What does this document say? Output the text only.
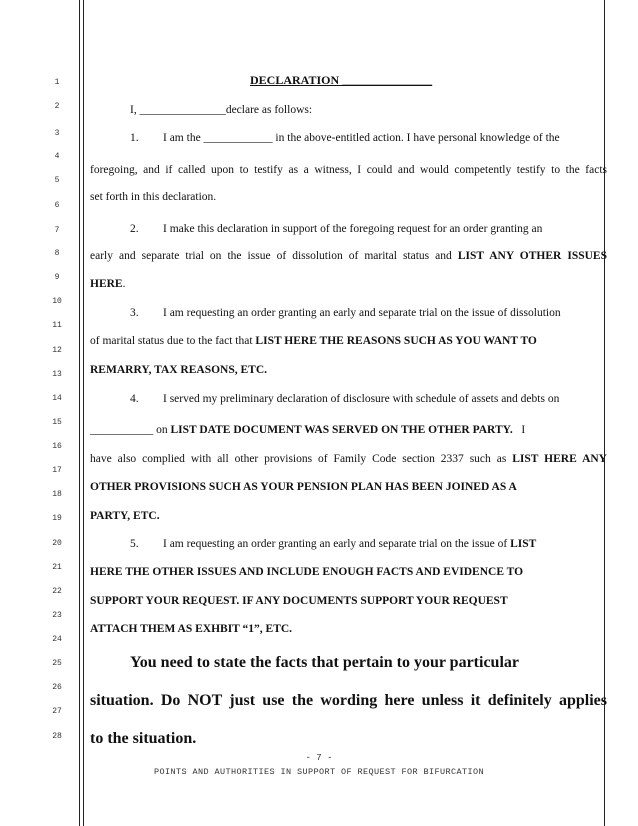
1
2
3
4
5
6
7
8
9
10
11
12
13
14
15
16
17
18
19
20
21
22
23
24
25
26
27
28
DECLARATION _______________
I, _______________declare as follows:
1. I am the ____________ in the above-entitled action. I have personal knowledge of the
foregoing, and if called upon to testify as a witness, I could and would competently testify to the facts
set forth in this declaration.
2. I make this declaration in support of the foregoing request for an order granting an
early and separate trial on the issue of dissolution of marital status and LIST ANY OTHER ISSUES
HERE.
3. I am requesting an order granting an early and separate trial on the issue of dissolution
of marital status due to the fact that LIST HERE THE REASONS SUCH AS YOU WANT TO
REMARRY, TAX REASONS, ETC.
4. I served my preliminary declaration of disclosure with schedule of assets and debts on
___________ on LIST DATE DOCUMENT WAS SERVED ON THE OTHER PARTY. I
have also complied with all other provisions of Family Code section 2337 such as LIST HERE ANY
OTHER PROVISIONS SUCH AS YOUR PENSION PLAN HAS BEEN JOINED AS A
PARTY, ETC.
5. I am requesting an order granting an early and separate trial on the issue of LIST
HERE THE OTHER ISSUES AND INCLUDE ENOUGH FACTS AND EVIDENCE TO
SUPPORT YOUR REQUEST. IF ANY DOCUMENTS SUPPORT YOUR REQUEST
ATTACH THEM AS EXHBIT “1”, ETC.
You need to state the facts that pertain to your particular
situation. Do NOT just use the wording here unless it definitely applies
to the situation.
- 7 -
POINTS AND AUTHORITIES IN SUPPORT OF REQUEST FOR BIFURCATION
